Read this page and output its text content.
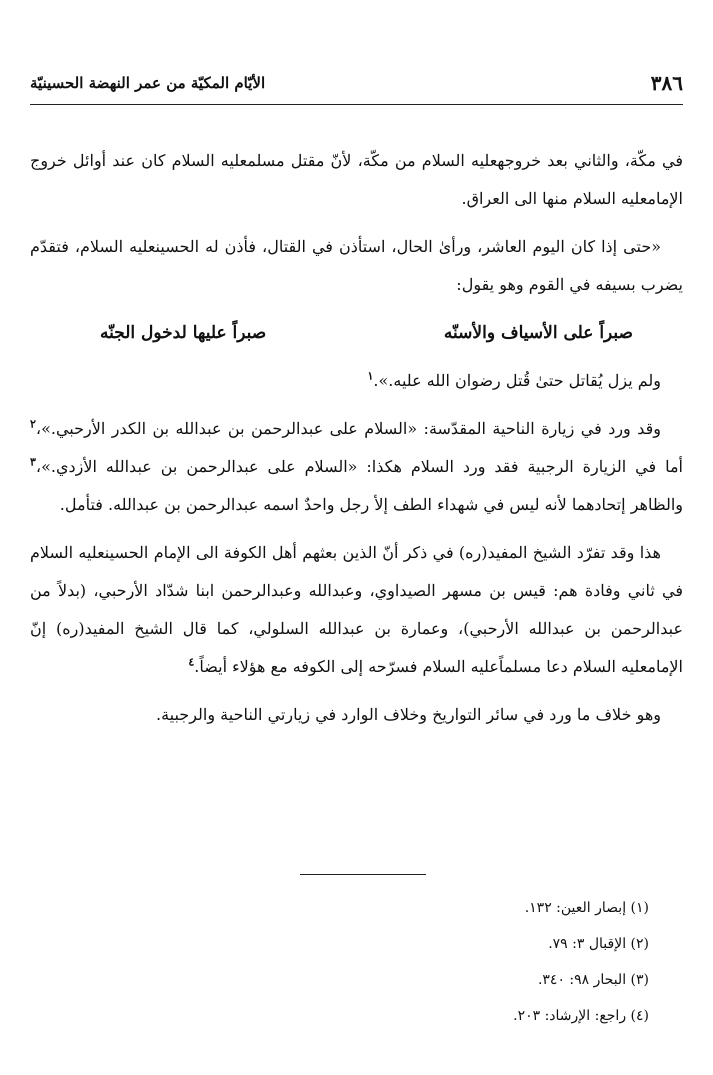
٣٨٦
الأيّام المكيّة من عمر النهضة الحسينيّة

في مكّة، والثاني بعد خروجهعليه السلام من مكّة، لأنّ مقتل مسلمعليه السلام كان عند أوائل خروج الإمامعليه السلام منها الى العراق.

«حتى إذا كان اليوم العاشر، ورأىٰ الحال، استأذن في القتال، فأذن له الحسينعليه السلام، فتقدّم يضرب بسيفه في القوم وهو يقول:

صبراً على الأسياف والأسنّه
صبراً عليها لدخول الجنّه

ولم يزل يُقاتل حتىٰ قُتل رضوان الله عليه.».$^١$

وقد ورد في زيارة الناحية المقدّسة: «السلام على عبدالرحمن بن عبدالله بن الكدر الأرحبي.»،$^٢$ أما في الزيارة الرجبية فقد ورد السلام هكذا: «السلام على عبدالرحمن بن عبدالله الأزدي.»،$^٣$ والظاهر إتحادهما لأنه ليس في شهداء الطف إلأ رجل واحدٌ اسمه عبدالرحمن بن عبدالله. فتأمل.

هذا وقد تفرّد الشيخ المفيد(ره) في ذكر أنّ الذين بعثهم أهل الكوفة الى الإمام الحسينعليه السلام في ثاني وفادة هم: قيس بن مسهر الصيداوي، وعبدالله وعبدالرحمن ابنا شدّاد الأرحبي، (بدلاً من عبدالرحمن بن عبدالله الأرحبي)، وعمارة بن عبدالله السلولي، كما قال الشيخ المفيد(ره) إنّ الإمامعليه السلام دعا مسلماًعليه السلام فسرّحه إلى الكوفه مع هؤلاء أيضاً.$^٤$

وهو خلاف ما ورد في سائر التواريخ وخلاف الوارد في زيارتي الناحية والرجبية.

(١) إبصار العين: ١٣٢.

(٢) الإقبال ٣: ٧٩.

(٣) البحار ٩٨: ٣٤٠.

(٤) راجع: الإرشاد: ٢٠٣.
